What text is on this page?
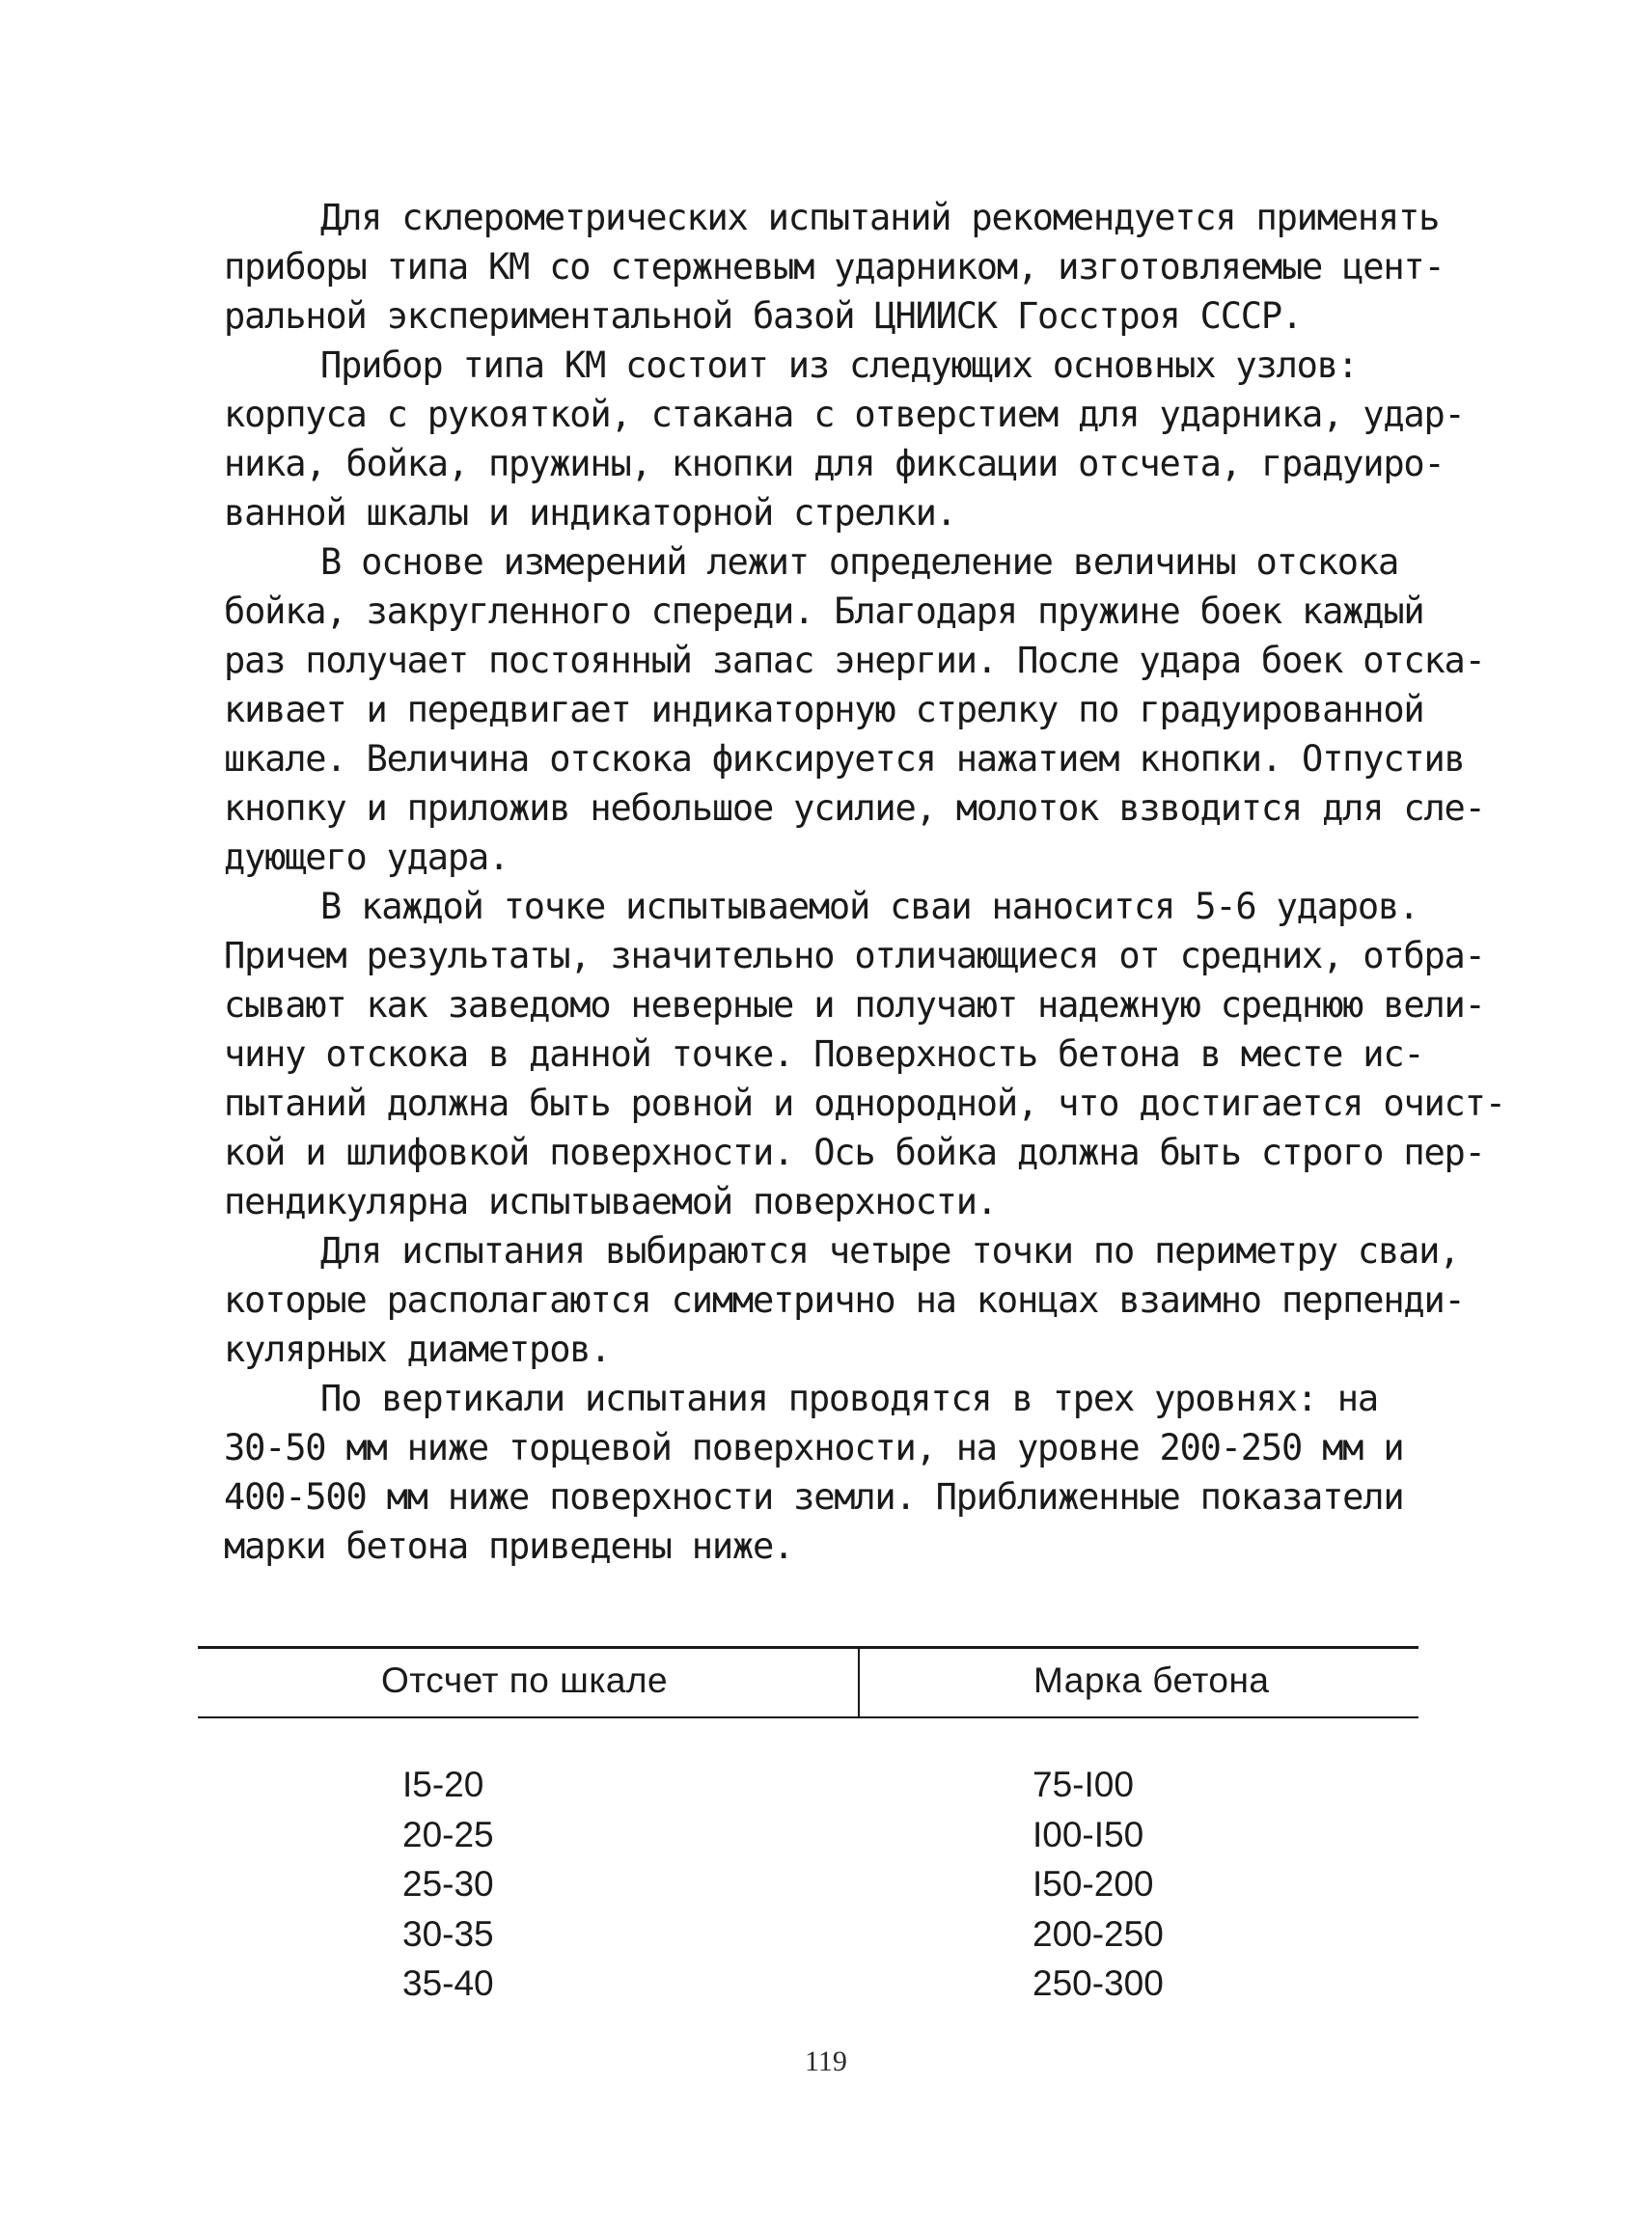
Для склерометрических испытаний рекомендуется применять
приборы типа КМ со стержневым ударником, изготовляемые цент-
ральной экспериментальной базой ЦНИИСК Госстроя СССР.
Прибор типа КМ состоит из следующих основных узлов:
корпуса с рукояткой, стакана с отверстием для ударника, удар-
ника, бойка, пружины, кнопки для фиксации отсчета, градуиро-
ванной шкалы и индикаторной стрелки.
В основе измерений лежит определение величины отскока
бойка, закругленного спереди. Благодаря пружине боек каждый
раз получает постоянный запас энергии. После удара боек отска-
кивает и передвигает индикаторную стрелку по градуированной
шкале. Величина отскока фиксируется нажатием кнопки. Отпустив
кнопку и приложив небольшое усилие, молоток взводится для сле-
дующего удара.
В каждой точке испытываемой сваи наносится 5-6 ударов.
Причем результаты, значительно отличающиеся от средних, отбра-
сывают как заведомо неверные и получают надежную среднюю вели-
чину отскока в данной точке. Поверхность бетона в месте ис-
пытаний должна быть ровной и однородной, что достигается очист-
кой и шлифовкой поверхности. Ось бойка должна быть строго пер-
пендикулярна испытываемой поверхности.
Для испытания выбираются четыре точки по периметру сваи,
которые располагаются симметрично на концах взаимно перпенди-
кулярных диаметров.
По вертикали испытания проводятся в трех уровнях: на
30-50 мм ниже торцевой поверхности, на уровне 200-250 мм и
400-500 мм ниже поверхности земли. Приближенные показатели
марки бетона приведены ниже.
Отсчет по шкале	Марка бетона
I5-20	75-I00
20-25	I00-I50
25-30	I50-200
30-35	200-250
35-40	250-300
119
